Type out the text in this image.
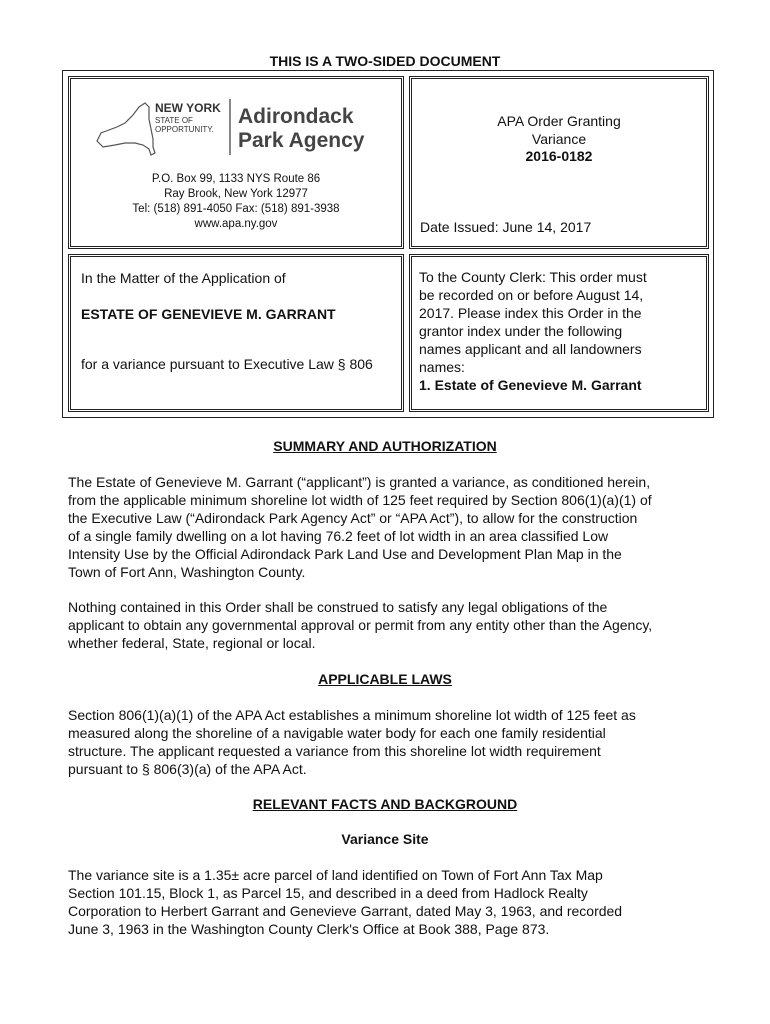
THIS IS A TWO-SIDED DOCUMENT
NEW YORK
STATE OF
OPPORTUNITY.
Adirondack
Park Agency
P.O. Box 99, 1133 NYS Route 86
Ray Brook, New York 12977
Tel: (518) 891-4050 Fax: (518) 891-3938
www.apa.ny.gov
APA Order Granting
Variance
2016-0182
Date Issued: June 14, 2017
In the Matter of the Application of
ESTATE OF GENEVIEVE M. GARRANT
for a variance pursuant to Executive Law § 806
To the County Clerk: This order must
be recorded on or before August 14,
2017. Please index this Order in the
grantor index under the following
names applicant and all landowners
names:
1. Estate of Genevieve M. Garrant
SUMMARY AND AUTHORIZATION
The Estate of Genevieve M. Garrant (“applicant”) is granted a variance, as conditioned herein,
from the applicable minimum shoreline lot width of 125 feet required by Section 806(1)(a)(1) of
the Executive Law (“Adirondack Park Agency Act” or “APA Act”), to allow for the construction
of a single family dwelling on a lot having 76.2 feet of lot width in an area classified Low
Intensity Use by the Official Adirondack Park Land Use and Development Plan Map in the
Town of Fort Ann, Washington County.
Nothing contained in this Order shall be construed to satisfy any legal obligations of the
applicant to obtain any governmental approval or permit from any entity other than the Agency,
whether federal, State, regional or local.
APPLICABLE LAWS
Section 806(1)(a)(1) of the APA Act establishes a minimum shoreline lot width of 125 feet as
measured along the shoreline of a navigable water body for each one family residential
structure. The applicant requested a variance from this shoreline lot width requirement
pursuant to § 806(3)(a) of the APA Act.
RELEVANT FACTS AND BACKGROUND
Variance Site
The variance site is a 1.35± acre parcel of land identified on Town of Fort Ann Tax Map
Section 101.15, Block 1, as Parcel 15, and described in a deed from Hadlock Realty
Corporation to Herbert Garrant and Genevieve Garrant, dated May 3, 1963, and recorded
June 3, 1963 in the Washington County Clerk's Office at Book 388, Page 873.
